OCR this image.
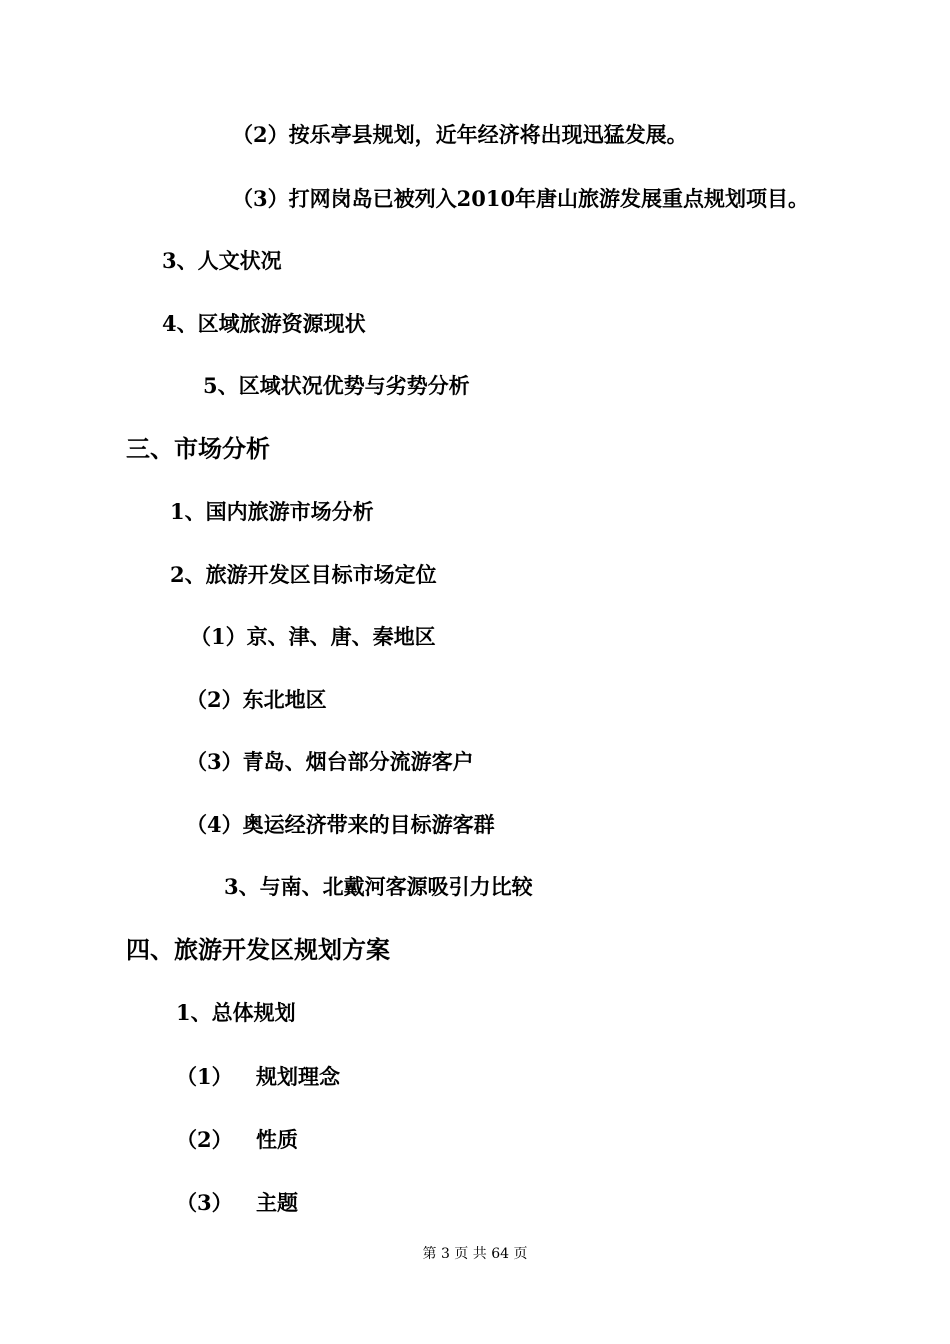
（2）按乐亭县规划，近年经济将出现迅猛发展。
（3）打网岗岛已被列入2010年唐山旅游发展重点规划项目。
3、人文状况
4、区域旅游资源现状
5、区域状况优势与劣势分析
三、市场分析
1、国内旅游市场分析
2、旅游开发区目标市场定位
（1）京、津、唐、秦地区
（2）东北地区
（3）青岛、烟台部分流游客户
（4）奥运经济带来的目标游客群
3、与南、北戴河客源吸引力比较
四、旅游开发区规划方案
1、总体规划
（1） 规划理念
（2） 性质
（3） 主题
第 3 页 共 64 页
